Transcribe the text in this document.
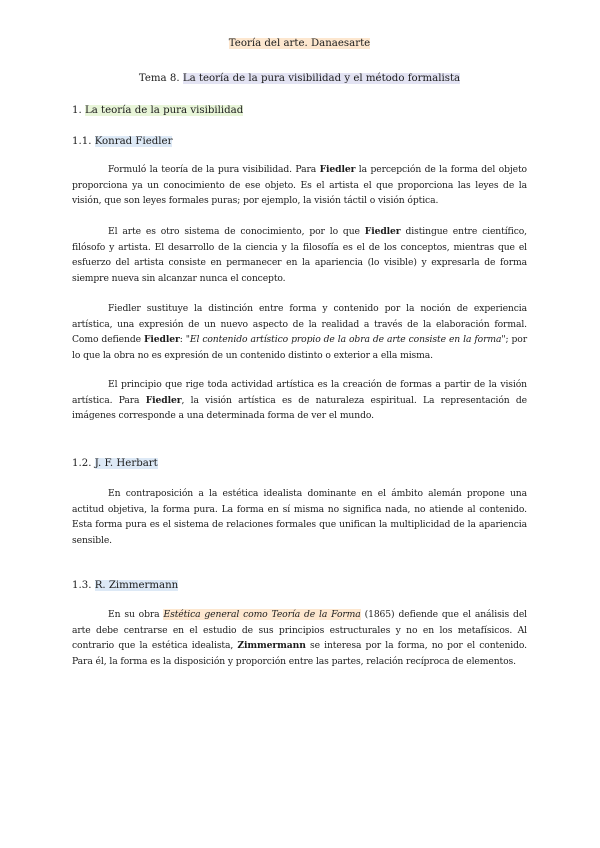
Teoría del arte. Danaesarte
Tema 8. La teoría de la pura visibilidad y el método formalista
1. La teoría de la pura visibilidad
1.1. Konrad Fiedler

Formuló la teoría de la pura visibilidad. Para Fiedler la percepción de la forma del objeto proporciona ya un conocimiento de ese objeto. Es el artista el que proporciona las leyes de la visión, que son leyes formales puras; por ejemplo, la visión táctil o visión óptica.

El arte es otro sistema de conocimiento, por lo que Fiedler distingue entre científico, filósofo y artista. El desarrollo de la ciencia y la filosofía es el de los conceptos, mientras que el esfuerzo del artista consiste en permanecer en la apariencia (lo visible) y expresarla de forma siempre nueva sin alcanzar nunca el concepto.

Fiedler sustituye la distinción entre forma y contenido por la noción de experiencia artística, una expresión de un nuevo aspecto de la realidad a través de la elaboración formal. Como defiende Fiedler: "El contenido artístico propio de la obra de arte consiste en la forma"; por lo que la obra no es expresión de un contenido distinto o exterior a ella misma.

El principio que rige toda actividad artística es la creación de formas a partir de la visión artística. Para Fiedler, la visión artística es de naturaleza espiritual. La representación de imágenes corresponde a una determinada forma de ver el mundo.

1.2. J. F. Herbart

En contraposición a la estética idealista dominante en el ámbito alemán propone una actitud objetiva, la forma pura. La forma en sí misma no significa nada, no atiende al contenido. Esta forma pura es el sistema de relaciones formales que unifican la multiplicidad de la apariencia sensible.

1.3. R. Zimmermann

En su obra Estética general como Teoría de la Forma (1865) defiende que el análisis del arte debe centrarse en el estudio de sus principios estructurales y no en los metafísicos. Al contrario que la estética idealista, Zimmermann se interesa por la forma, no por el contenido. Para él, la forma es la disposición y proporción entre las partes, relación recíproca de elementos.
